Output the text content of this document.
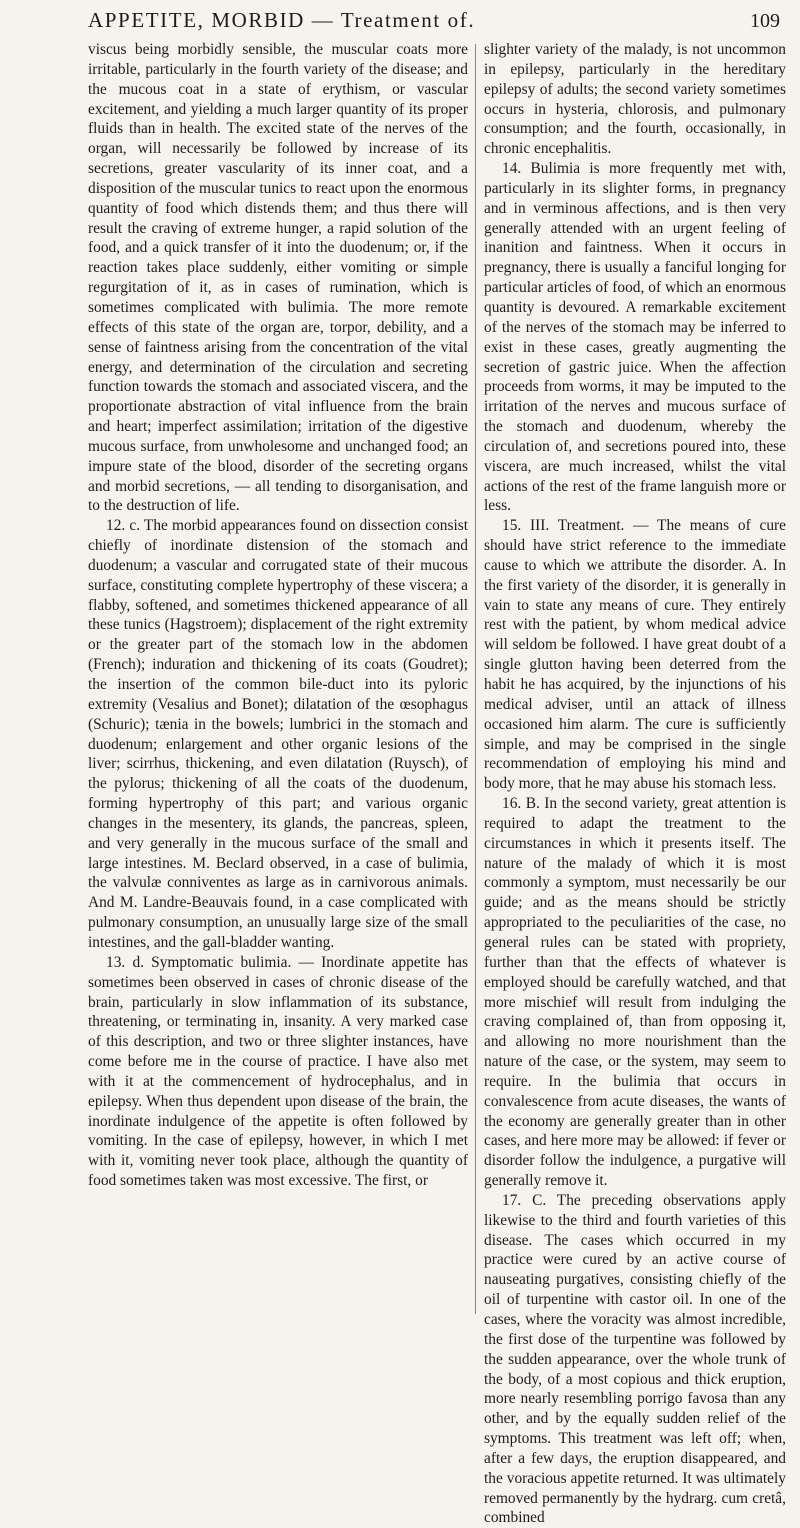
APPETITE, MORBID — Treatment of.	109

viscus being morbidly sensible, the muscular coats more irritable, particularly in the fourth variety of the disease; and the mucous coat in a state of erythism, or vascular excitement, and yielding a much larger quantity of its proper fluids than in health. The excited state of the nerves of the organ, will necessarily be followed by increase of its secretions, greater vascularity of its inner coat, and a disposition of the muscular tunics to react upon the enormous quantity of food which distends them; and thus there will result the craving of extreme hunger, a rapid solution of the food, and a quick transfer of it into the duodenum; or, if the reaction takes place suddenly, either vomiting or simple regurgitation of it, as in cases of rumination, which is sometimes complicated with bulimia. The more remote effects of this state of the organ are, torpor, debility, and a sense of faintness arising from the concentration of the vital energy, and determination of the circulation and secreting function towards the stomach and associated viscera, and the proportionate abstraction of vital influence from the brain and heart; imperfect assimilation; irritation of the digestive mucous surface, from unwholesome and unchanged food; an impure state of the blood, disorder of the secreting organs and morbid secretions, — all tending to disorganisation, and to the destruction of life.

12. c. The morbid appearances found on dissection consist chiefly of inordinate distension of the stomach and duodenum; a vascular and corrugated state of their mucous surface, constituting complete hypertrophy of these viscera; a flabby, softened, and sometimes thickened appearance of all these tunics (Hagstroem); displacement of the right extremity or the greater part of the stomach low in the abdomen (French); induration and thickening of its coats (Goudret); the insertion of the common bile-duct into its pyloric extremity (Vesalius and Bonet); dilatation of the œsophagus (Schuric); tænia in the bowels; lumbrici in the stomach and duodenum; enlargement and other organic lesions of the liver; scirrhus, thickening, and even dilatation (Ruysch), of the pylorus; thickening of all the coats of the duodenum, forming hypertrophy of this part; and various organic changes in the mesentery, its glands, the pancreas, spleen, and very generally in the mucous surface of the small and large intestines. M. Beclard observed, in a case of bulimia, the valvulæ conniventes as large as in carnivorous animals. And M. Landre-Beauvais found, in a case complicated with pulmonary consumption, an unusually large size of the small intestines, and the gall-bladder wanting.

13. d. Symptomatic bulimia. — Inordinate appetite has sometimes been observed in cases of chronic disease of the brain, particularly in slow inflammation of its substance, threatening, or terminating in, insanity. A very marked case of this description, and two or three slighter instances, have come before me in the course of practice. I have also met with it at the commencement of hydrocephalus, and in epilepsy. When thus dependent upon disease of the brain, the inordinate indulgence of the appetite is often followed by vomiting. In the case of epilepsy, however, in which I met with it, vomiting never took place, although the quantity of food sometimes taken was most excessive. The first, or

slighter variety of the malady, is not uncommon in epilepsy, particularly in the hereditary epilepsy of adults; the second variety sometimes occurs in hysteria, chlorosis, and pulmonary consumption; and the fourth, occasionally, in chronic encephalitis.

14. Bulimia is more frequently met with, particularly in its slighter forms, in pregnancy and in verminous affections, and is then very generally attended with an urgent feeling of inanition and faintness. When it occurs in pregnancy, there is usually a fanciful longing for particular articles of food, of which an enormous quantity is devoured. A remarkable excitement of the nerves of the stomach may be inferred to exist in these cases, greatly augmenting the secretion of gastric juice. When the affection proceeds from worms, it may be imputed to the irritation of the nerves and mucous surface of the stomach and duodenum, whereby the circulation of, and secretions poured into, these viscera, are much increased, whilst the vital actions of the rest of the frame languish more or less.

15. III. Treatment. — The means of cure should have strict reference to the immediate cause to which we attribute the disorder. A. In the first variety of the disorder, it is generally in vain to state any means of cure. They entirely rest with the patient, by whom medical advice will seldom be followed. I have great doubt of a single glutton having been deterred from the habit he has acquired, by the injunctions of his medical adviser, until an attack of illness occasioned him alarm. The cure is sufficiently simple, and may be comprised in the single recommendation of employing his mind and body more, that he may abuse his stomach less.

16. B. In the second variety, great attention is required to adapt the treatment to the circumstances in which it presents itself. The nature of the malady of which it is most commonly a symptom, must necessarily be our guide; and as the means should be strictly appropriated to the peculiarities of the case, no general rules can be stated with propriety, further than that the effects of whatever is employed should be carefully watched, and that more mischief will result from indulging the craving complained of, than from opposing it, and allowing no more nourishment than the nature of the case, or the system, may seem to require. In the bulimia that occurs in convalescence from acute diseases, the wants of the economy are generally greater than in other cases, and here more may be allowed: if fever or disorder follow the indulgence, a purgative will generally remove it.

17. C. The preceding observations apply likewise to the third and fourth varieties of this disease. The cases which occurred in my practice were cured by an active course of nauseating purgatives, consisting chiefly of the oil of turpentine with castor oil. In one of the cases, where the voracity was almost incredible, the first dose of the turpentine was followed by the sudden appearance, over the whole trunk of the body, of a most copious and thick eruption, more nearly resembling porrigo favosa than any other, and by the equally sudden relief of the symptoms. This treatment was left off; when, after a few days, the eruption disappeared, and the voracious appetite returned. It was ultimately removed permanently by the hydrarg. cum cretâ, combined
